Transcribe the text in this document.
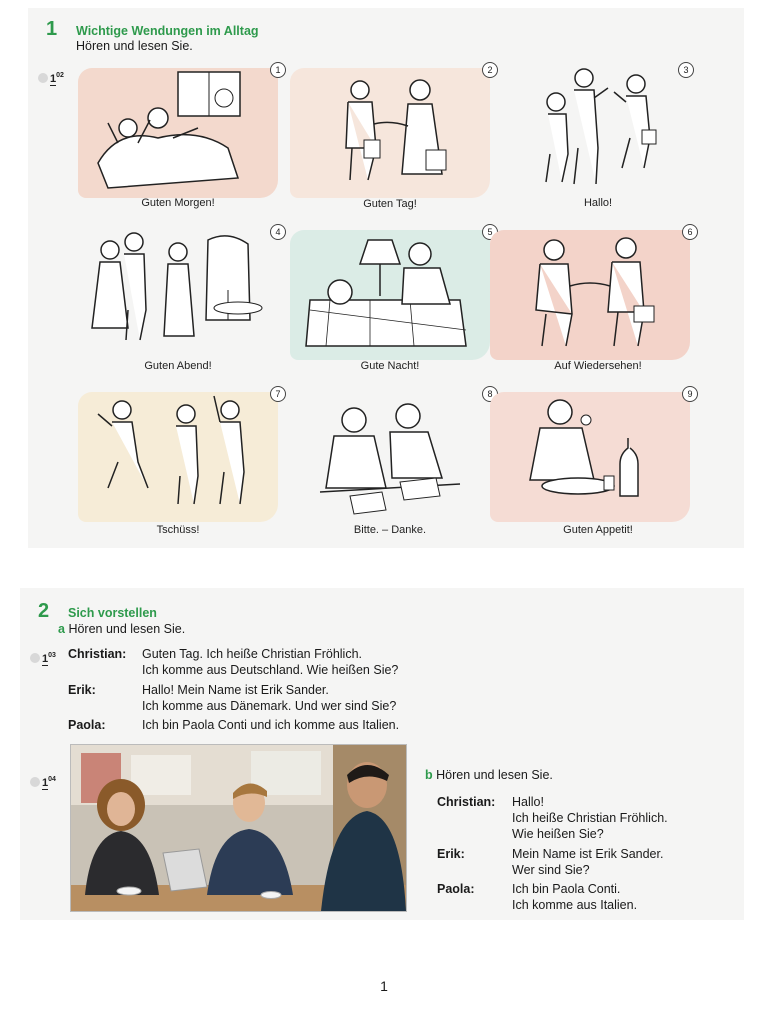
1 Wichtige Wendungen im Alltag
Hören und lesen Sie.
$1^{02}$
1
Guten Morgen!
2
Guten Tag!
3
Hallo!
4
Guten Abend!
5
Gute Nacht!
6
Auf Wiedersehen!
7
Tschüss!
8
Bitte. – Danke.
9
Guten Appetit!
2 Sich vorstellen
a Hören und lesen Sie.
$1^{03}$ Christian: Guten Tag. Ich heiße Christian Fröhlich.
Ich komme aus Deutschland. Wie heißen Sie?
Erik:	Hallo! Mein Name ist Erik Sander.
Ich komme aus Dänemark. Und wer sind Sie?
Paola:	Ich bin Paola Conti und ich komme aus Italien.
$1^{04}$	b Hören und lesen Sie.
Christian: Hallo!
Ich heiße Christian Fröhlich.
Wie heißen Sie?
Erik:	Mein Name ist Erik Sander.
Wer sind Sie?
Paola:	Ich bin Paola Conti.
Ich komme aus Italien.
1
